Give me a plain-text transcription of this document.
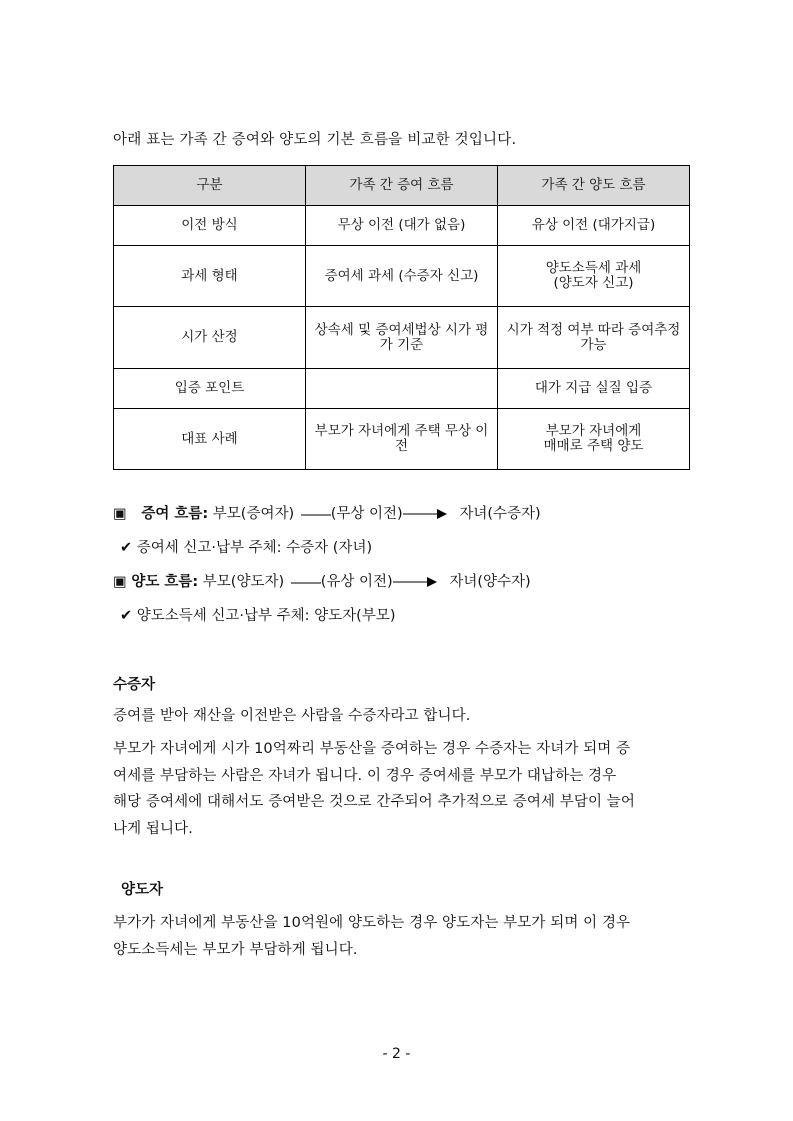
아래 표는 가족 간 증여와 양도의 기본 흐름을 비교한 것입니다.
구분	가족 간 증여 흐름	가족 간 양도 흐름
이전 방식	무상 이전 (대가 없음)	유상 이전 (대가지급)
과세 형태	증여세 과세 (수증자 신고)	양도소득세 과세
(양도자 신고)

시가 산정	상속세 및 증여세법상 시가 평가 기준	시가 적정 여부 따라 증여추정 가능
입증 포인트		대가 지급 실질 입증
대표 사례	부모가 자녀에게 주택 무상 이전	부모가 자녀에게
매매로 주택 양도
▣ 증여 흐름: 부모(증여자)	(무상 이전)	자녀(수증자)
✔ 증여세 신고·납부 주체: 수증자 (자녀)
▣ 양도 흐름: 부모(양도자)	(유상 이전)	자녀(양수자)
✔ 양도소득세 신고·납부 주체: 양도자(부모)
수증자
증여를 받아 재산을 이전받은 사람을 수증자라고 합니다.
부모가 자녀에게 시가 10억짜리 부동산을 증여하는 경우 수증자는 자녀가 되며 증
여세를 부담하는 사람은 자녀가 됩니다. 이 경우 증여세를 부모가 대납하는 경우
해당 증여세에 대해서도 증여받은 것으로 간주되어 추가적으로 증여세 부담이 늘어
나게 됩니다.
양도자
부가가 자녀에게 부동산을 10억원에 양도하는 경우 양도자는 부모가 되며 이 경우
양도소득세는 부모가 부담하게 됩니다.
- 2 -
